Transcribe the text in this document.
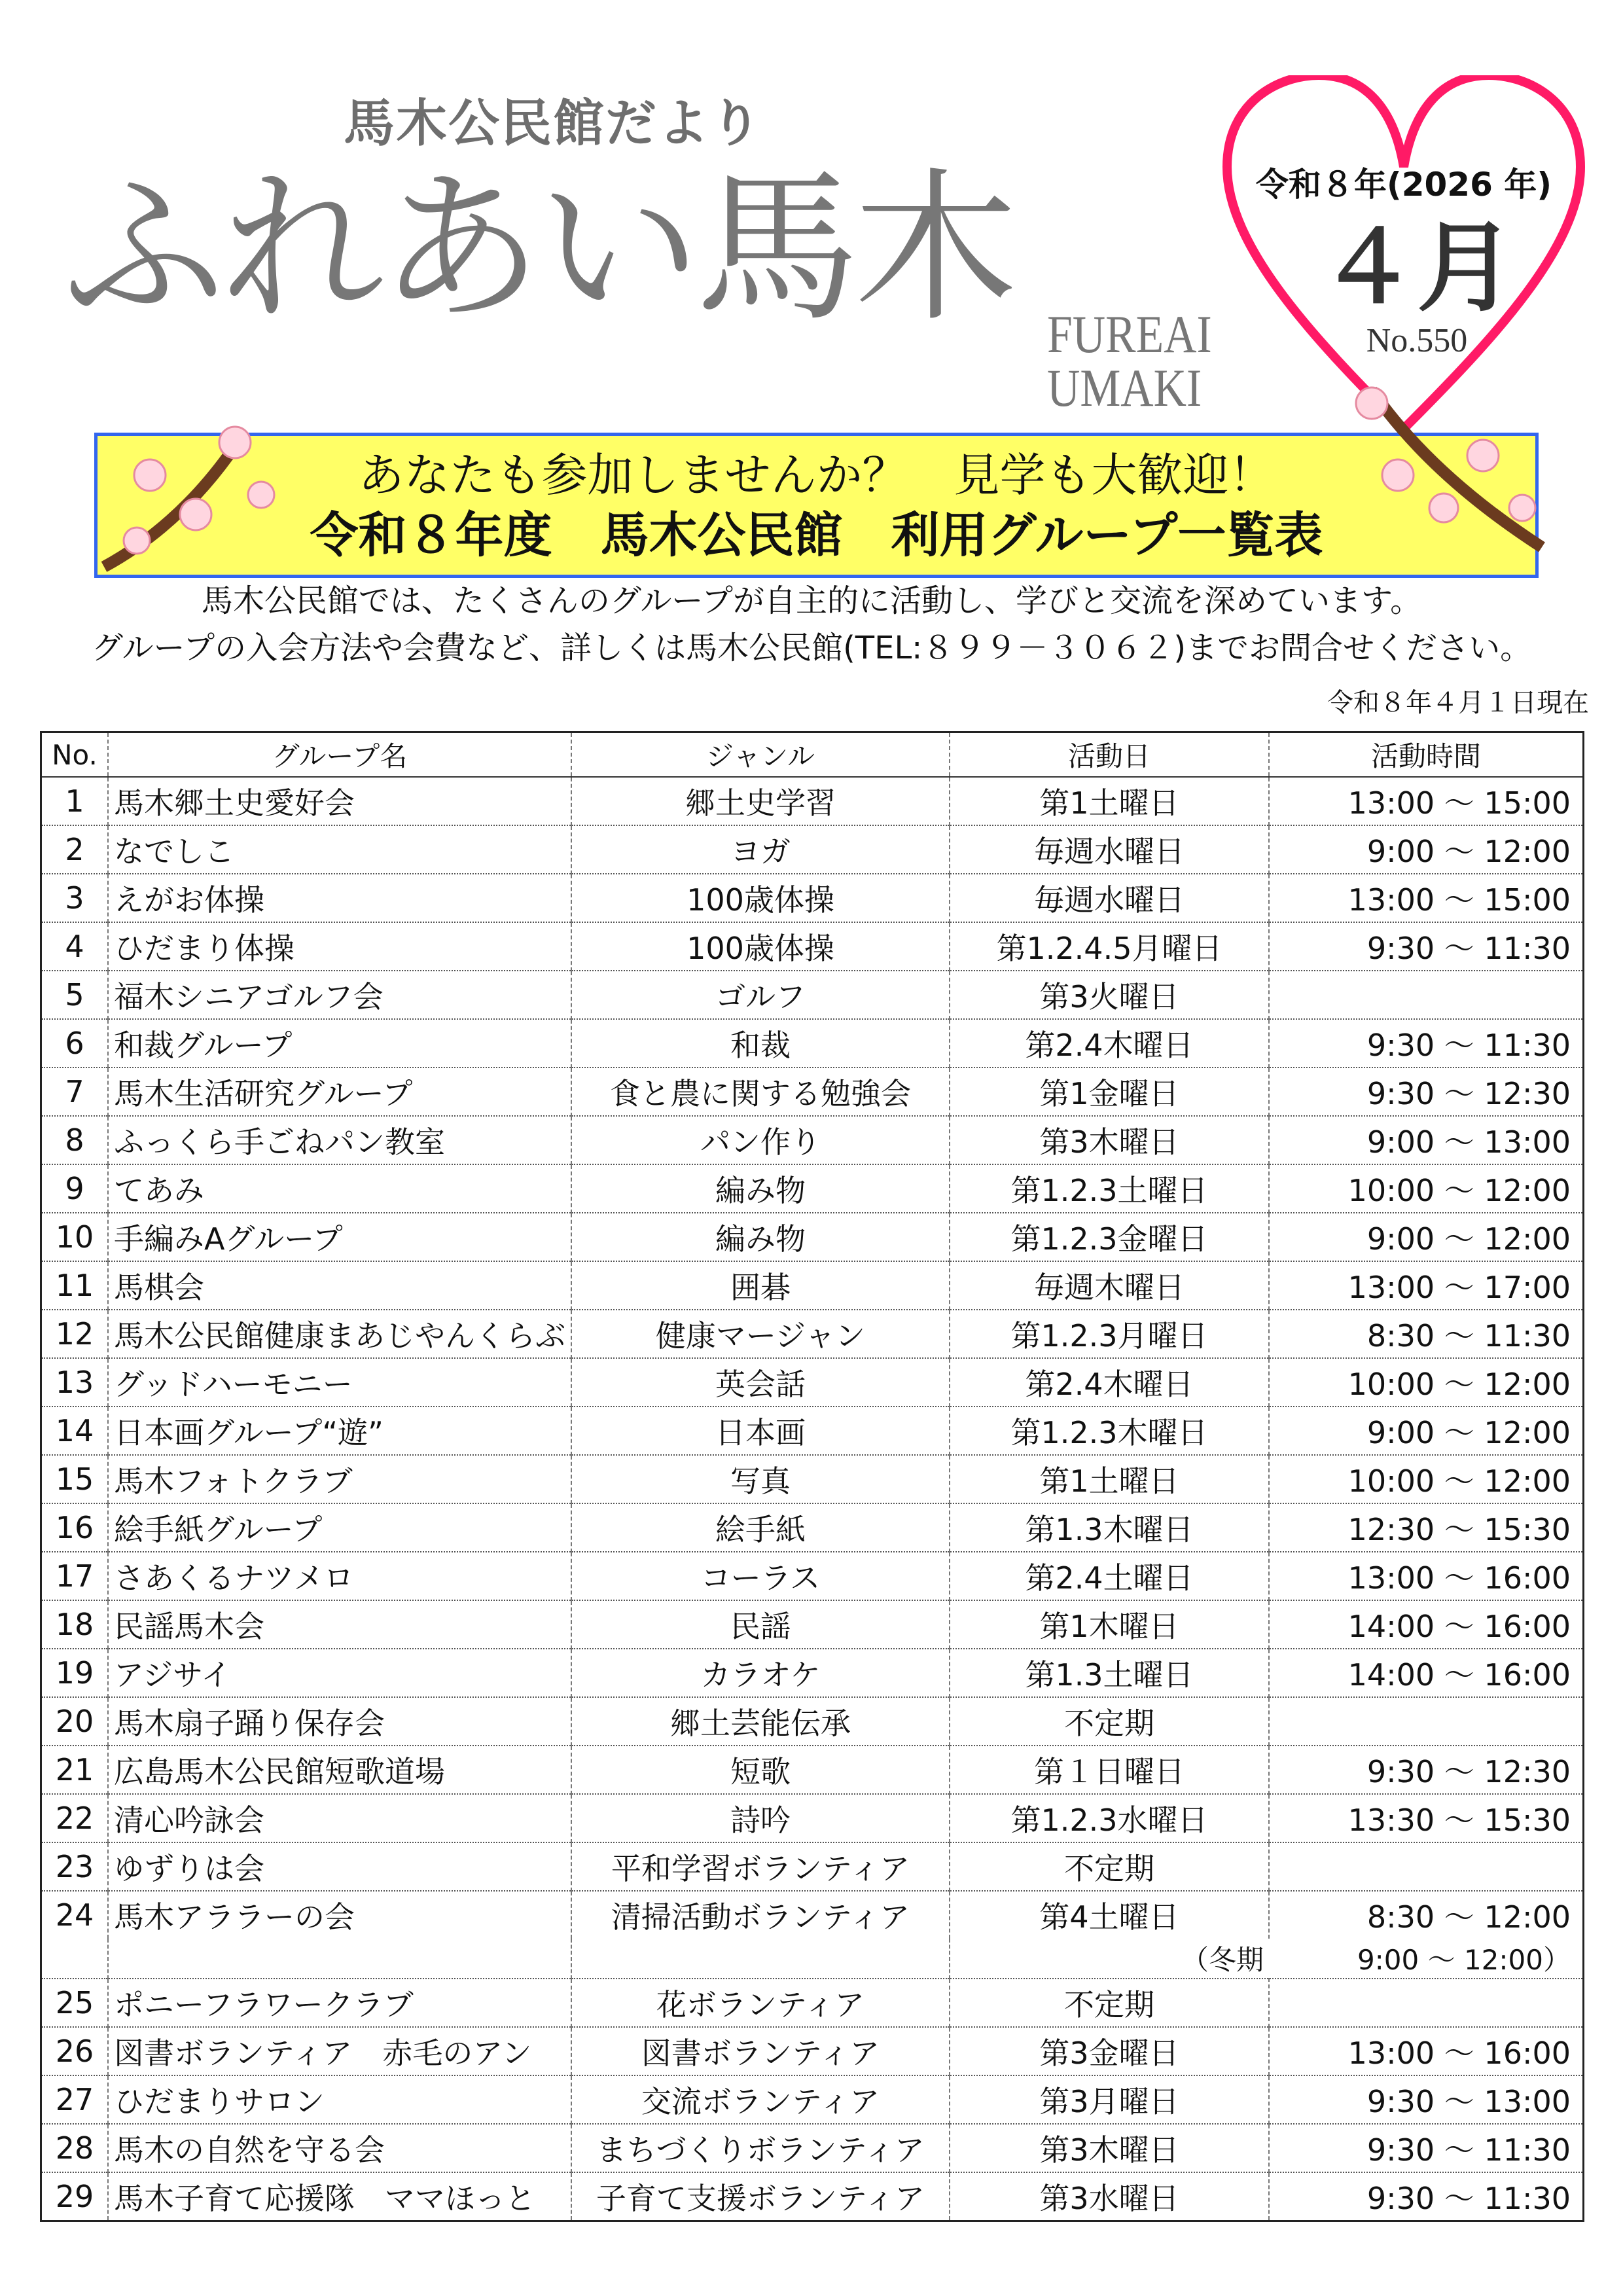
馬木公民館だより
ふれあい馬木 FUREAI
UMAKI
令和８年(2026 年)
４月
No.550
あなたも参加しませんか？　見学も大歓迎！
令和８年度　馬木公民館　利用グループ一覧表
馬木公民館では、たくさんのグループが自主的に活動し、学びと交流を深めています。
グループの入会方法や会費など、詳しくは馬木公民館(TEL:８９９－３０６２)までお問合せください。
令和８年４月１日現在
No.	グループ名	ジャンル	活動日	活動時間
1	馬木郷土史愛好会	郷土史学習	第1土曜日	13:00 ～ 15:00
2	なでしこ	ヨガ	毎週水曜日	9:00 ～ 12:00
3	えがお体操	100歳体操	毎週水曜日	13:00 ～ 15:00
4	ひだまり体操	100歳体操	第1.2.4.5月曜日	9:30 ～ 11:30
5	福木シニアゴルフ会	ゴルフ	第3火曜日	
6	和裁グループ	和裁	第2.4木曜日	9:30 ～ 11:30
7	馬木生活研究グループ	食と農に関する勉強会	第1金曜日	9:30 ～ 12:30
8	ふっくら手ごねパン教室	パン作り	第3木曜日	9:00 ～ 13:00
9	てあみ	編み物	第1.2.3土曜日	10:00 ～ 12:00
10	手編みAグループ	編み物	第1.2.3金曜日	9:00 ～ 12:00
11	馬棋会	囲碁	毎週木曜日	13:00 ～ 17:00
12	馬木公民館健康まあじやんくらぶ	健康マージャン	第1.2.3月曜日	8:30 ～ 11:30
13	グッドハーモニー	英会話	第2.4木曜日	10:00 ～ 12:00
14	日本画グループ“遊”	日本画	第1.2.3木曜日	9:00 ～ 12:00
15	馬木フォトクラブ	写真	第1土曜日	10:00 ～ 12:00
16	絵手紙グループ	絵手紙	第1.3木曜日	12:30 ～ 15:30
17	さあくるナツメロ	コーラス	第2.4土曜日	13:00 ～ 16:00
18	民謡馬木会	民謡	第1木曜日	14:00 ～ 16:00
19	アジサイ	カラオケ	第1.3土曜日	14:00 ～ 16:00
20	馬木扇子踊り保存会	郷土芸能伝承	不定期	
21	広島馬木公民館短歌道場	短歌	第１日曜日	9:30 ～ 12:30
22	清心吟詠会	詩吟	第1.2.3水曜日	13:30 ～ 15:30
23	ゆずりは会	平和学習ボランティア	不定期	
24	馬木アララーの会	清掃活動ボランティア	第4土曜日	8:30 ～ 12:00
			（冬期	9:00 ～ 12:00）
25	ポニーフラワークラブ	花ボランティア	不定期	
26	図書ボランティア　赤毛のアン	図書ボランティア	第3金曜日	13:00 ～ 16:00
27	ひだまりサロン	交流ボランティア	第3月曜日	9:30 ～ 13:00
28	馬木の自然を守る会	まちづくりボランティア	第3木曜日	9:30 ～ 11:30
29	馬木子育て応援隊　ママほっと	子育て支援ボランティア	第3水曜日	9:30 ～ 11:30
